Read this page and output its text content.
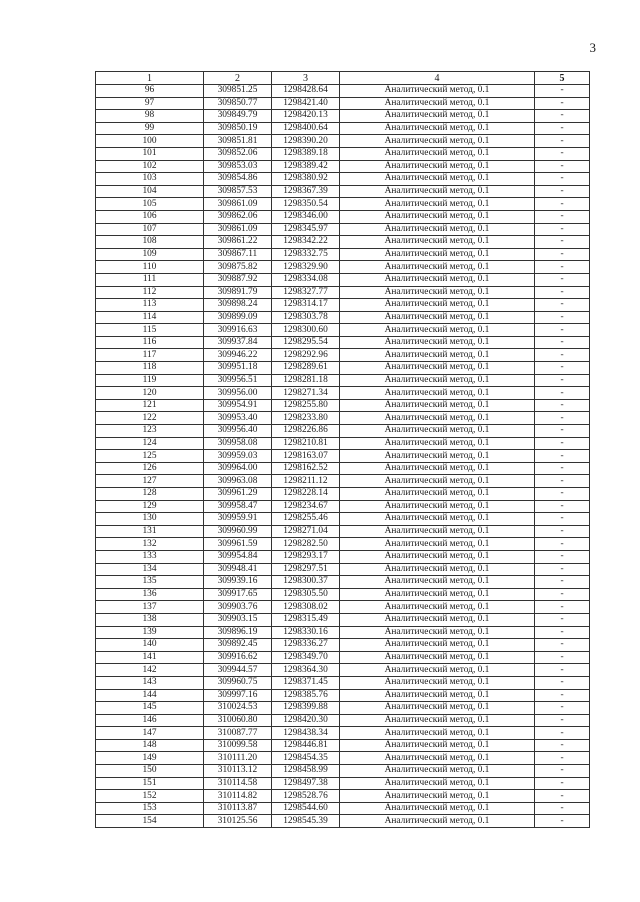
3
1	2	3	4	5
96	309851.25	1298428.64	Аналитический метод, 0.1	-
97	309850.77	1298421.40	Аналитический метод, 0.1	-
98	309849.79	1298420.13	Аналитический метод, 0.1	-
99	309850.19	1298400.64	Аналитический метод, 0.1	-
100	309851.81	1298390.20	Аналитический метод, 0.1	-
101	309852.06	1298389.18	Аналитический метод, 0.1	-
102	309853.03	1298389.42	Аналитический метод, 0.1	-
103	309854.86	1298380.92	Аналитический метод, 0.1	-
104	309857.53	1298367.39	Аналитический метод, 0.1	-
105	309861.09	1298350.54	Аналитический метод, 0.1	-
106	309862.06	1298346.00	Аналитический метод, 0.1	-
107	309861.09	1298345.97	Аналитический метод, 0.1	-
108	309861.22	1298342.22	Аналитический метод, 0.1	-
109	309867.11	1298332.75	Аналитический метод, 0.1	-
110	309875.82	1298329.90	Аналитический метод, 0.1	-
111	309887.92	1298334.08	Аналитический метод, 0.1	-
112	309891.79	1298327.77	Аналитический метод, 0.1	-
113	309898.24	1298314.17	Аналитический метод, 0.1	-
114	309899.09	1298303.78	Аналитический метод, 0.1	-
115	309916.63	1298300.60	Аналитический метод, 0.1	-
116	309937.84	1298295.54	Аналитический метод, 0.1	-
117	309946.22	1298292.96	Аналитический метод, 0.1	-
118	309951.18	1298289.61	Аналитический метод, 0.1	-
119	309956.51	1298281.18	Аналитический метод, 0.1	-
120	309956.00	1298271.34	Аналитический метод, 0.1	-
121	309954.91	1298255.80	Аналитический метод, 0.1	-
122	309953.40	1298233.80	Аналитический метод, 0.1	-
123	309956.40	1298226.86	Аналитический метод, 0.1	-
124	309958.08	1298210.81	Аналитический метод, 0.1	-
125	309959.03	1298163.07	Аналитический метод, 0.1	-
126	309964.00	1298162.52	Аналитический метод, 0.1	-
127	309963.08	1298211.12	Аналитический метод, 0.1	-
128	309961.29	1298228.14	Аналитический метод, 0.1	-
129	309958.47	1298234.67	Аналитический метод, 0.1	-
130	309959.91	1298255.46	Аналитический метод, 0.1	-
131	309960.99	1298271.04	Аналитический метод, 0.1	-
132	309961.59	1298282.50	Аналитический метод, 0.1	-
133	309954.84	1298293.17	Аналитический метод, 0.1	-
134	309948.41	1298297.51	Аналитический метод, 0.1	-
135	309939.16	1298300.37	Аналитический метод, 0.1	-
136	309917.65	1298305.50	Аналитический метод, 0.1	-
137	309903.76	1298308.02	Аналитический метод, 0.1	-
138	309903.15	1298315.49	Аналитический метод, 0.1	-
139	309896.19	1298330.16	Аналитический метод, 0.1	-
140	309892.45	1298336.27	Аналитический метод, 0.1	-
141	309916.62	1298349.70	Аналитический метод, 0.1	-
142	309944.57	1298364.30	Аналитический метод, 0.1	-
143	309960.75	1298371.45	Аналитический метод, 0.1	-
144	309997.16	1298385.76	Аналитический метод, 0.1	-
145	310024.53	1298399.88	Аналитический метод, 0.1	-
146	310060.80	1298420.30	Аналитический метод, 0.1	-
147	310087.77	1298438.34	Аналитический метод, 0.1	-
148	310099.58	1298446.81	Аналитический метод, 0.1	-
149	310111.20	1298454.35	Аналитический метод, 0.1	-
150	310113.12	1298458.99	Аналитический метод, 0.1	-
151	310114.58	1298497.38	Аналитический метод, 0.1	-
152	310114.82	1298528.76	Аналитический метод, 0.1	-
153	310113.87	1298544.60	Аналитический метод, 0.1	-
154	310125.56	1298545.39	Аналитический метод, 0.1	-
